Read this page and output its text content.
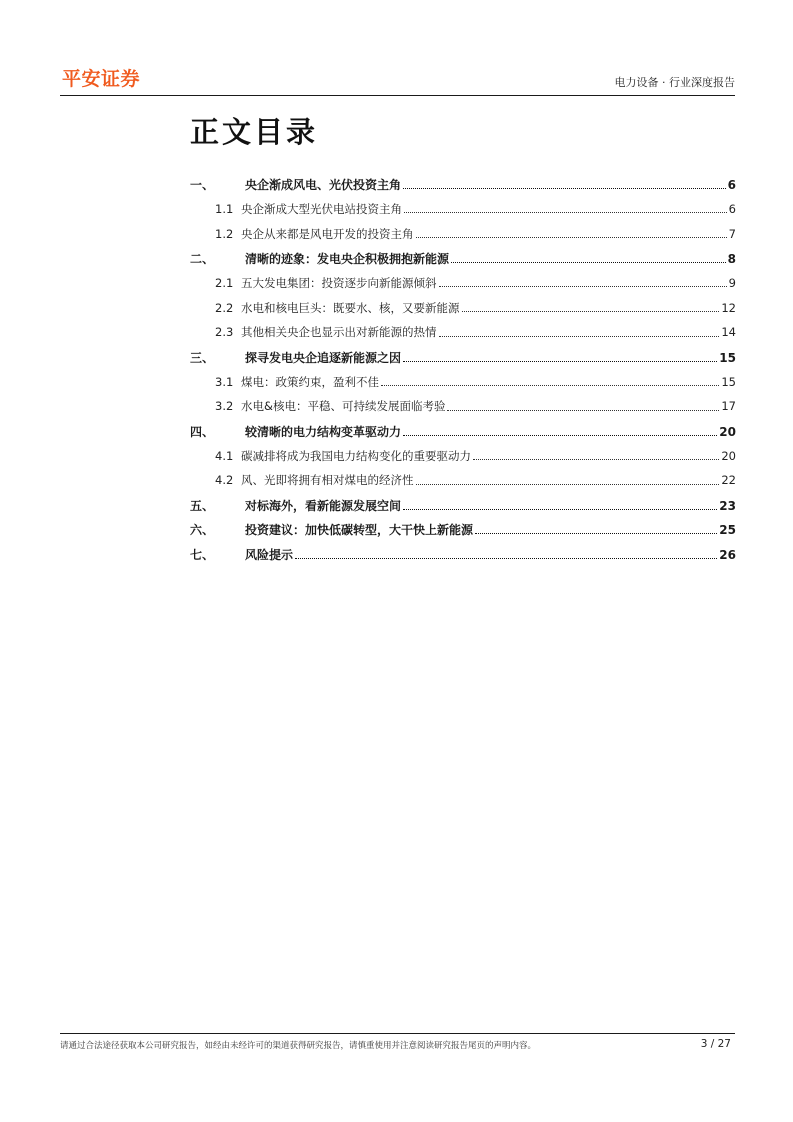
平安证券	电力设备 · 行业深度报告
正文目录
一、	央企渐成风电、光伏投资主角	6
1.1 央企渐成大型光伏电站投资主角	6
1.2 央企从来都是风电开发的投资主角	7
二、	清晰的迹象：发电央企积极拥抱新能源	8
2.1 五大发电集团：投资逐步向新能源倾斜	9
2.2 水电和核电巨头：既要水、核，又要新能源	12
2.3 其他相关央企也显示出对新能源的热情	14
三、	探寻发电央企追逐新能源之因	15
3.1 煤电：政策约束，盈利不佳	15
3.2 水电&核电：平稳、可持续发展面临考验	17
四、	较清晰的电力结构变革驱动力	20
4.1 碳减排将成为我国电力结构变化的重要驱动力	20
4.2 风、光即将拥有相对煤电的经济性	22
五、	对标海外，看新能源发展空间	23
六、	投资建议：加快低碳转型，大干快上新能源	25
七、	风险提示	26
请通过合法途径获取本公司研究报告，如经由未经许可的渠道获得研究报告，请慎重使用并注意阅读研究报告尾页的声明内容。	3 / 27
